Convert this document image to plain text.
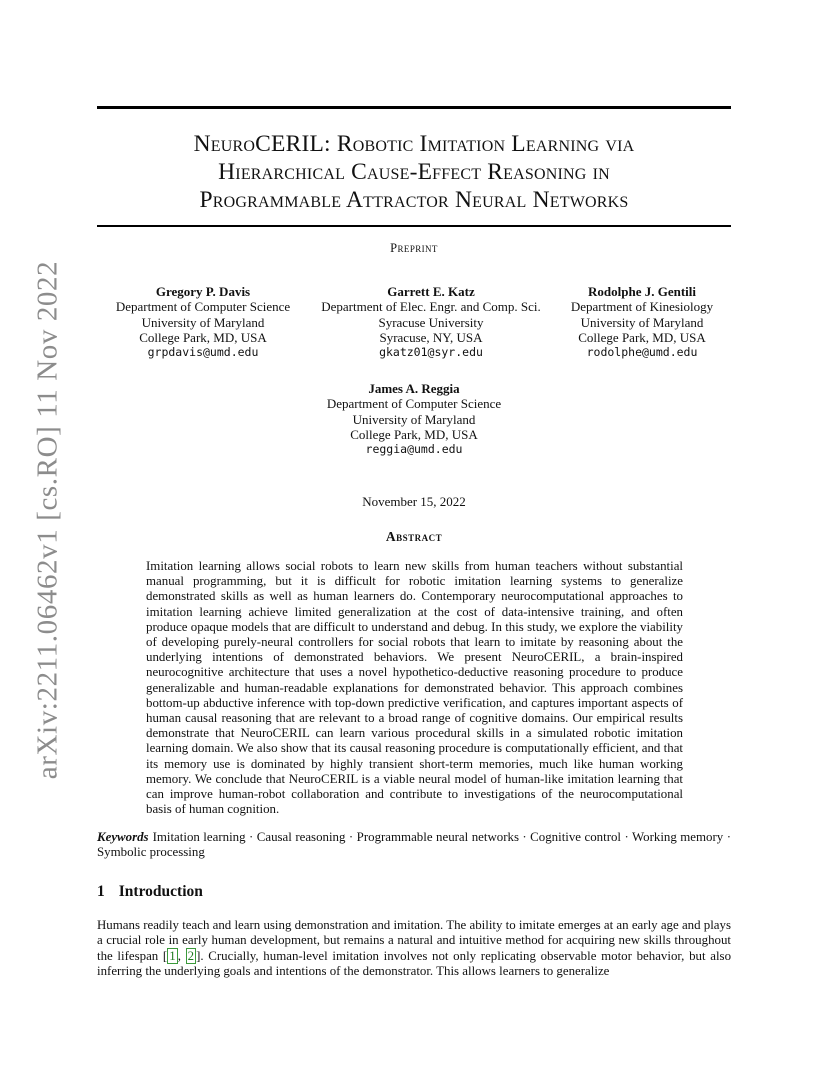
arXiv:2211.06462v1 [cs.RO] 11 Nov 2022
NeuroCERIL: Robotic Imitation Learning via
Hierarchical Cause-Effect Reasoning in
Programmable Attractor Neural Networks
Preprint
Gregory P. Davis
Department of Computer Science
University of Maryland
College Park, MD, USA
grpdavis@umd.edu
Garrett E. Katz
Department of Elec. Engr. and Comp. Sci.
Syracuse University
Syracuse, NY, USA
gkatz01@syr.edu
Rodolphe J. Gentili
Department of Kinesiology
University of Maryland
College Park, MD, USA
rodolphe@umd.edu
James A. Reggia
Department of Computer Science
University of Maryland
College Park, MD, USA
reggia@umd.edu
November 15, 2022
Abstract

Imitation learning allows social robots to learn new skills from human teachers without substantial manual programming, but it is difficult for robotic imitation learning systems to generalize demonstrated skills as well as human learners do. Contemporary neurocomputational approaches to imitation learning achieve limited generalization at the cost of data-intensive training, and often produce opaque models that are difficult to understand and debug. In this study, we explore the viability of developing purely-neural controllers for social robots that learn to imitate by reasoning about the underlying intentions of demonstrated behaviors. We present NeuroCERIL, a brain-inspired neurocognitive architecture that uses a novel hypothetico-deductive reasoning procedure to produce generalizable and human-readable explanations for demonstrated behavior. This approach combines bottom-up abductive inference with top-down predictive verification, and captures important aspects of human causal reasoning that are relevant to a broad range of cognitive domains. Our empirical results demonstrate that NeuroCERIL can learn various procedural skills in a simulated robotic imitation learning domain. We also show that its causal reasoning procedure is computationally efficient, and that its memory use is dominated by highly transient short-term memories, much like human working memory. We conclude that NeuroCERIL is a viable neural model of human-like imitation learning that can improve human-robot collaboration and contribute to investigations of the neurocomputational basis of human cognition.

Keywords Imitation learning · Causal reasoning · Programmable neural networks · Cognitive control · Working memory · Symbolic processing

1 Introduction

Humans readily teach and learn using demonstration and imitation. The ability to imitate emerges at an early age and plays a crucial role in early human development, but remains a natural and intuitive method for acquiring new skills throughout the lifespan [ 1 , 2 ]. Crucially, human-level imitation involves not only replicating observable motor behavior, but also inferring the underlying goals and intentions of the demonstrator. This allows learners to generalize
